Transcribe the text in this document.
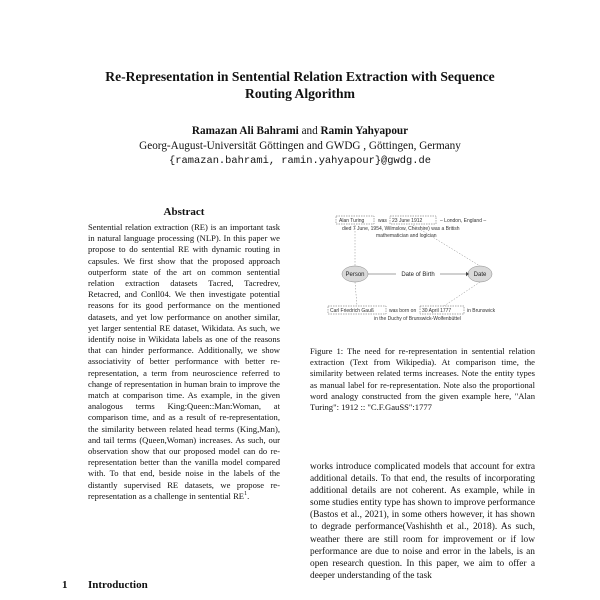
Re-Representation in Sentential Relation Extraction with Sequence
Routing Algorithm
Ramazan Ali Bahrami and Ramin Yahyapour
Georg-August-Universität Göttingen and GWDG , Göttingen, Germany
{ramazan.bahrami, ramin.yahyapour}@gwdg.de
Abstract
Sentential relation extraction (RE) is an important task in natural language processing (NLP). In this paper we propose to do sentential RE with dynamic routing in capsules. We first show that the proposed approach outperform state of the art on common sentential relation extraction datasets Tacred, Tacredrev, Retacred, and Conll04. We then investigate potential reasons for its good performance on the mentioned datasets, and yet low performance on another similar, yet larger sentential RE dataset, Wikidata. As such, we identify noise in Wikidata labels as one of the reasons that can hinder performance. Additionally, we show associativity of better performance with better re-representation, a term from neuroscience referred to change of representation in human brain to improve the match at comparison time. As example, in the given analogous terms King:Queen::Man:Woman, at comparison time, and as a result of re-representation, the similarity between related head terms (King,Man), and tail terms (Queen,Woman) increases. As such, our observation show that our proposed model can do re-representation better than the vanilla model compared with. To that end, beside noise in the labels of the distantly supervised RE datasets, we propose re-representation as a challenge in sentential $RE^1$.
1 Introduction
Alan Turing	was 23 June 1912	– London, England –
died 7 June, 1954, Wilmslow, Cheshire) was a British
mathematician and logician
Person	Date
Date of Birth
Carl Friedrich Gauß	was born on 30 April 1777	in Brunswick
in the Duchy of Brunswick-Wolfenbüttel
Figure 1: The need for re-representation in sentential relation extraction (Text from Wikipedia). At comparison time, the similarity between related terms increases. Note the entity types as manual label for re-representation. Note also the proportional word analogy constructed from the given example here, "Alan Turing": 1912 :: "C.F.GauSS":1777
works introduce complicated models that account for extra additional details. To that end, the results of incorporating additional details are not coherent. As example, while in some studies entity type has shown to improve performance (Bastos et al., 2021), in some others however, it has shown to degrade performance(Vashishth et al., 2018). As such, weather there are still room for improvement or if low performance are due to noise and error in the labels, is an open research question. In this paper, we aim to offer a deeper understanding of the task
